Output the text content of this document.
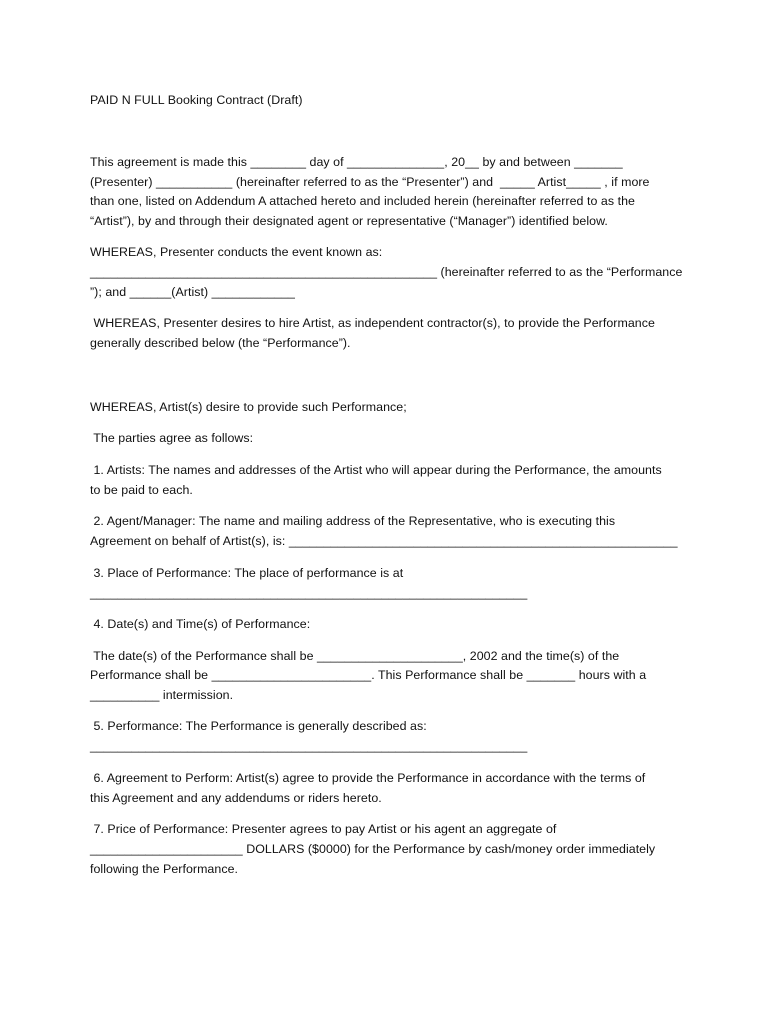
PAID N FULL Booking Contract (Draft)
This agreement is made this ________ day of ______________, 20__ by and between _______
(Presenter) ___________ (hereinafter referred to as the “Presenter”) and  _____ Artist_____ , if more
than one, listed on Addendum A attached hereto and included herein (hereinafter referred to as the
“Artist”), by and through their designated agent or representative (“Manager”) identified below.
WHEREAS, Presenter conducts the event known as:
__________________________________________________ (hereinafter referred to as the “Performance
”); and ______(Artist) ____________
WHEREAS, Presenter desires to hire Artist, as independent contractor(s), to provide the Performance
generally described below (the “Performance”).
WHEREAS, Artist(s) desire to provide such Performance;
The parties agree as follows:
1. Artists: The names and addresses of the Artist who will appear during the Performance, the amounts
to be paid to each.
2. Agent/Manager: The name and mailing address of the Representative, who is executing this
Agreement on behalf of Artist(s), is: ________________________________________________________
3. Place of Performance: The place of performance is at
_______________________________________________________________
4. Date(s) and Time(s) of Performance:
The date(s) of the Performance shall be _____________________, 2002 and the time(s) of the
Performance shall be _______________________. This Performance shall be _______ hours with a
__________ intermission.
5. Performance: The Performance is generally described as:
_______________________________________________________________
6. Agreement to Perform: Artist(s) agree to provide the Performance in accordance with the terms of
this Agreement and any addendums or riders hereto.
7. Price of Performance: Presenter agrees to pay Artist or his agent an aggregate of
______________________ DOLLARS ($0000) for the Performance by cash/money order immediately
following the Performance.
